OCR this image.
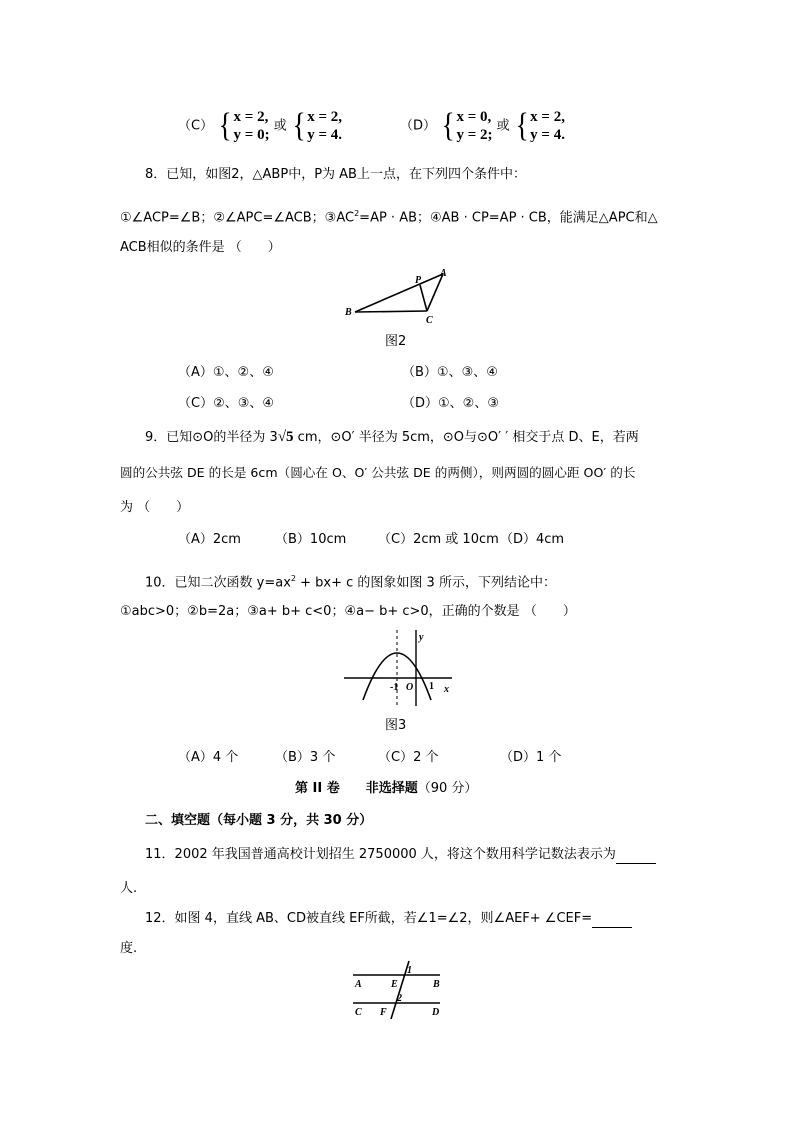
（C） { x = 2,
y = 0;
或 { x = 2,
y = 4.
（D） { x = 0,
y = 2;
或 { x = 2,
y = 4.
8．已知，如图2，△ABP中，P为 AB上一点，在下列四个条件中：
①∠ACP=∠B；②∠APC=∠ACB；$③AC^2=AP$ · AB；④AB · CP=AP · CB，能满足△APC和△
ACB相似的条件是 （　　）
B
C
P
A
图2
（A）①、②、④	（B）①、③、④
（C）②、③、④	（D）①、②、③
9．已知⊙O的半径为 3√5 cm，⊙O′ 半径为 5cm，⊙O与⊙O′ ′ 相交于点 D、E，若两
圆的公共弦 DE 的长是 6cm（圆心在 O、O′ 公共弦 DE 的两侧），则两圆的圆心距 OO′ 的长
为 （　　）
（A）2cm	（B）10cm （C）2cm 或 10cm （D）4cm
10．已知二次函数 $y=ax^2 + bx+ c$ 的图象如图 3 所示，下列结论中：
①abc>0；②b=2a；③a+ b+ c<0；④a− b+ c>0，正确的个数是 （　　）
y
-1 O 1 x
图3
（A）4 个	（B）3 个	（C）2 个	（D）1 个
第 II 卷　　非选择题（90 分）
二、填空题（每小题 3 分，共 30 分）
11．2002 年我国普通高校计划招生 2750000 人，将这个数用科学记数法表示为
人.
12．如图 4，直线 AB、CD被直线 EF所截，若∠1=∠2，则∠AEF+ ∠CEF=
度.
1
A	E	B
2
C F	D
